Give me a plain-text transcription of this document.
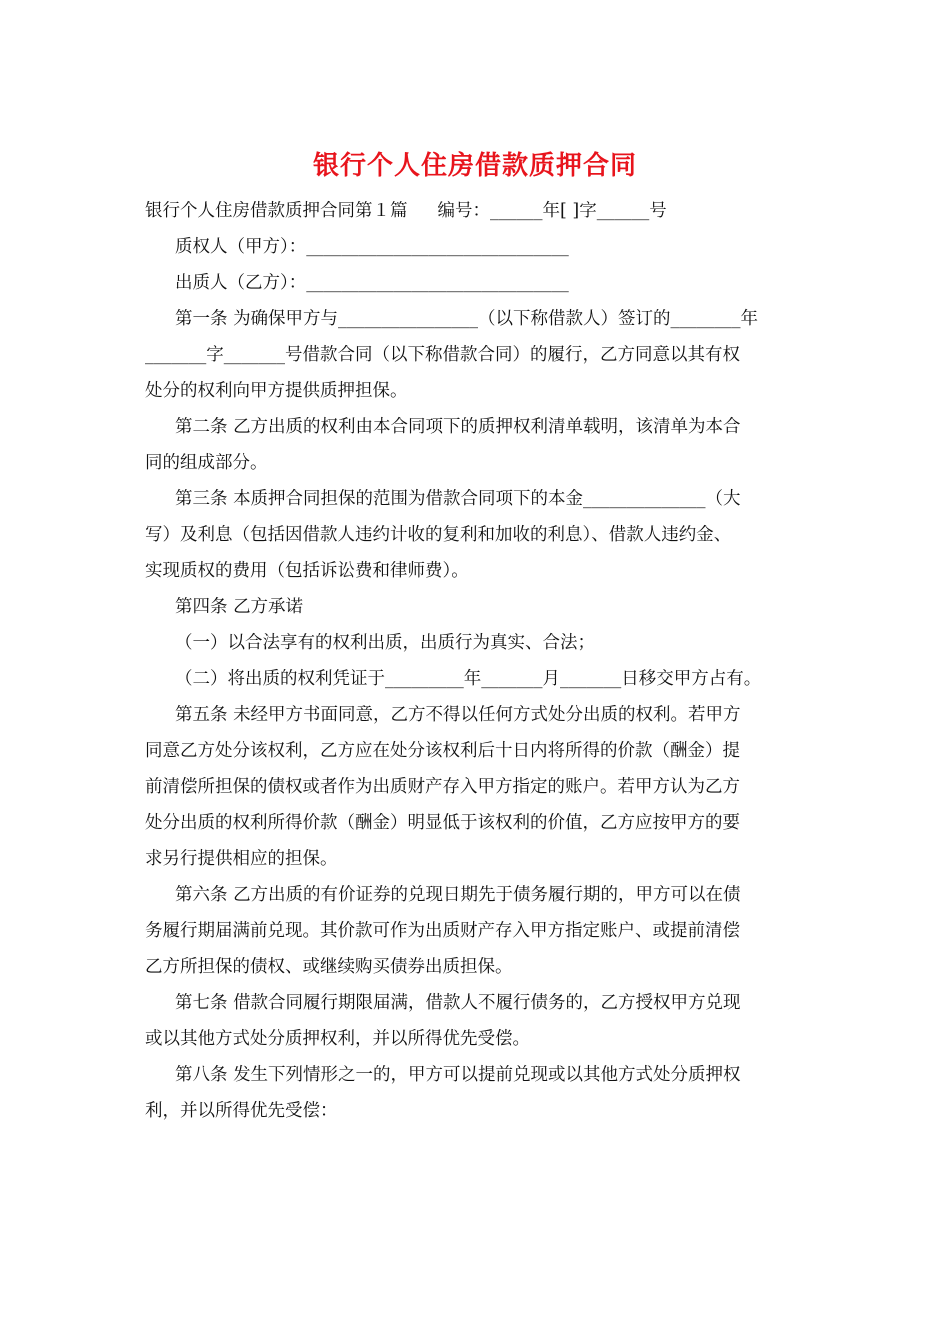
银行个人住房借款质押合同
银行个人住房借款质押合同第１篇 编号：______年[ ]字______号
质权人（甲方）：______________________________
出质人（乙方）：______________________________
第一条 为确保甲方与________________（以下称借款人）签订的________年
_______字_______号借款合同（以下称借款合同）的履行，乙方同意以其有权
处分的权利向甲方提供质押担保。
第二条 乙方出质的权利由本合同项下的质押权利清单载明，该清单为本合
同的组成部分。
第三条 本质押合同担保的范围为借款合同项下的本金______________（大
写）及利息（包括因借款人违约计收的复利和加收的利息）、借款人违约金、
实现质权的费用（包括诉讼费和律师费）。
第四条 乙方承诺
（一）以合法享有的权利出质，出质行为真实、合法；
（二）将出质的权利凭证于_________年_______月_______日移交甲方占有。
第五条 未经甲方书面同意，乙方不得以任何方式处分出质的权利。若甲方
同意乙方处分该权利，乙方应在处分该权利后十日内将所得的价款（酬金）提
前清偿所担保的债权或者作为出质财产存入甲方指定的账户。若甲方认为乙方
处分出质的权利所得价款（酬金）明显低于该权利的价值，乙方应按甲方的要
求另行提供相应的担保。
第六条 乙方出质的有价证券的兑现日期先于债务履行期的，甲方可以在债
务履行期届满前兑现。其价款可作为出质财产存入甲方指定账户、或提前清偿
乙方所担保的债权、或继续购买债券出质担保。
第七条 借款合同履行期限届满，借款人不履行债务的，乙方授权甲方兑现
或以其他方式处分质押权利，并以所得优先受偿。
第八条 发生下列情形之一的，甲方可以提前兑现或以其他方式处分质押权
利，并以所得优先受偿：
